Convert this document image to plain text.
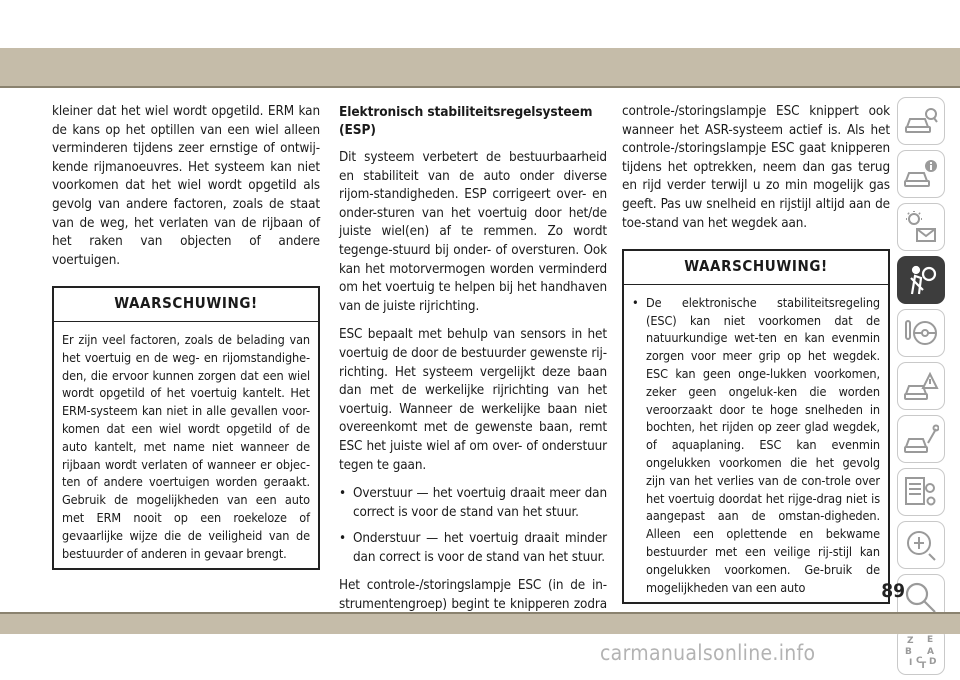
kleiner dat het wiel wordt opgetild. ERM kan de kans op het optillen van een wiel alleen verminderen tijdens zeer ernstige of ontwij-kende rijmanoeuvres. Het systeem kan niet voorkomen dat het wiel wordt opgetild als gevolg van andere factoren, zoals de staat van de weg, het verlaten van de rijbaan of het raken van objecten of andere voertuigen.

WAARSCHUWING!
Er zijn veel factoren, zoals de belading van het voertuig en de weg- en rijomstandighe-den, die ervoor kunnen zorgen dat een wiel wordt opgetild of het voertuig kantelt. Het ERM-systeem kan niet in alle gevallen voor-komen dat een wiel wordt opgetild of de auto kantelt, met name niet wanneer de rijbaan wordt verlaten of wanneer er objec-ten of andere voertuigen worden geraakt. Gebruik de mogelijkheden van een auto met ERM nooit op een roekeloze of gevaarlijke wijze die de veiligheid van de bestuurder of anderen in gevaar brengt.
Elektronisch stabiliteitsregelsysteem (ESP)

Dit systeem verbetert de bestuurbaarheid en stabiliteit van de auto onder diverse rijom-standigheden. ESP corrigeert over- en onder-sturen van het voertuig door het/de juiste wiel(en) af te remmen. Zo wordt tegenge-stuurd bij onder- of oversturen. Ook kan het motorvermogen worden verminderd om het voertuig te helpen bij het handhaven van de juiste rijrichting.

ESC bepaalt met behulp van sensors in het voertuig de door de bestuurder gewenste rij-richting. Het systeem vergelijkt deze baan dan met de werkelijke rijrichting van het voertuig. Wanneer de werkelijke baan niet overeenkomt met de gewenste baan, remt ESC het juiste wiel af om over- of onderstuur tegen te gaan.

• Overstuur — het voertuig draait meer dan correct is voor de stand van het stuur.
• Onderstuur — het voertuig draait minder dan correct is voor de stand van het stuur.

Het controle-/storingslampje ESC (in de in-strumentengroep) begint te knipperen zodra

controle-/storingslampje ESC knippert ook wanneer het ASR-systeem actief is. Als het controle-/storingslampje ESC gaat knipperen tijdens het optrekken, neem dan gas terug en rijd verder terwijl u zo min mogelijk gas geeft. Pas uw snelheid en rijstijl altijd aan de toe-stand van het wegdek aan.

WAARSCHUWING!
• De elektronische stabiliteitsregeling (ESC) kan niet voorkomen dat de natuurkundige wet-ten en kan evenmin zorgen voor meer grip op het wegdek. ESC kan geen onge-lukken voorkomen, zeker geen ongeluk-ken die worden veroorzaakt door te hoge snelheden in bochten, het rijden op zeer glad wegdek, of aquaplaning. ESC kan evenmin ongelukken voorkomen die het gevolg zijn van het verlies van de con-trole over het voertuig doordat het rijge-drag niet is aangepast aan de omstan-digheden. Alleen een oplettende en bekwame bestuurder met een veilige rij-stijl kan ongelukken voorkomen. Ge-bruik de mogelijkheden van een auto
Z E
B A
I C D
T
89
carmanualsonline.info
